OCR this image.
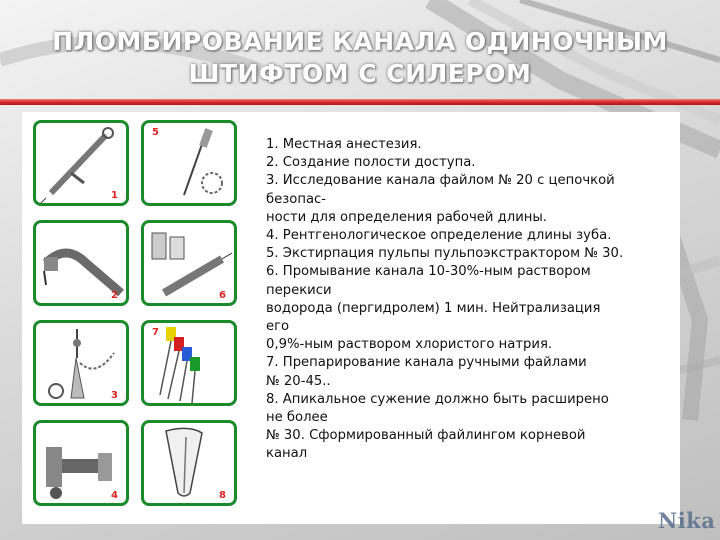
ПЛОМБИРОВАНИЕ КАНАЛА ОДИНОЧНЫМ
ШТИФТОМ С СИЛЕРОМ
1
2
3
4
5
6
7
8
1. Местная анестезия.
2. Создание полости доступа.
3. Исследование канала файлом № 20 с цепочкой
безопас-
ности для определения рабочей длины.
4. Рентгенологическое определение длины зуба.
5. Экстирпация пульпы пульпоэкстрактором № 30.
6. Промывание канала 10-30%-ным раствором
перекиси
водорода (пергидролем) 1 мин. Нейтрализация
его
0,9%-ным раствором хлористого натрия.
7. Препарирование канала ручными файлами
№ 20-45..
8. Апикальное сужение должно быть расширено
не более
№ 30. Сформированный файлингом корневой
канал
Nika
